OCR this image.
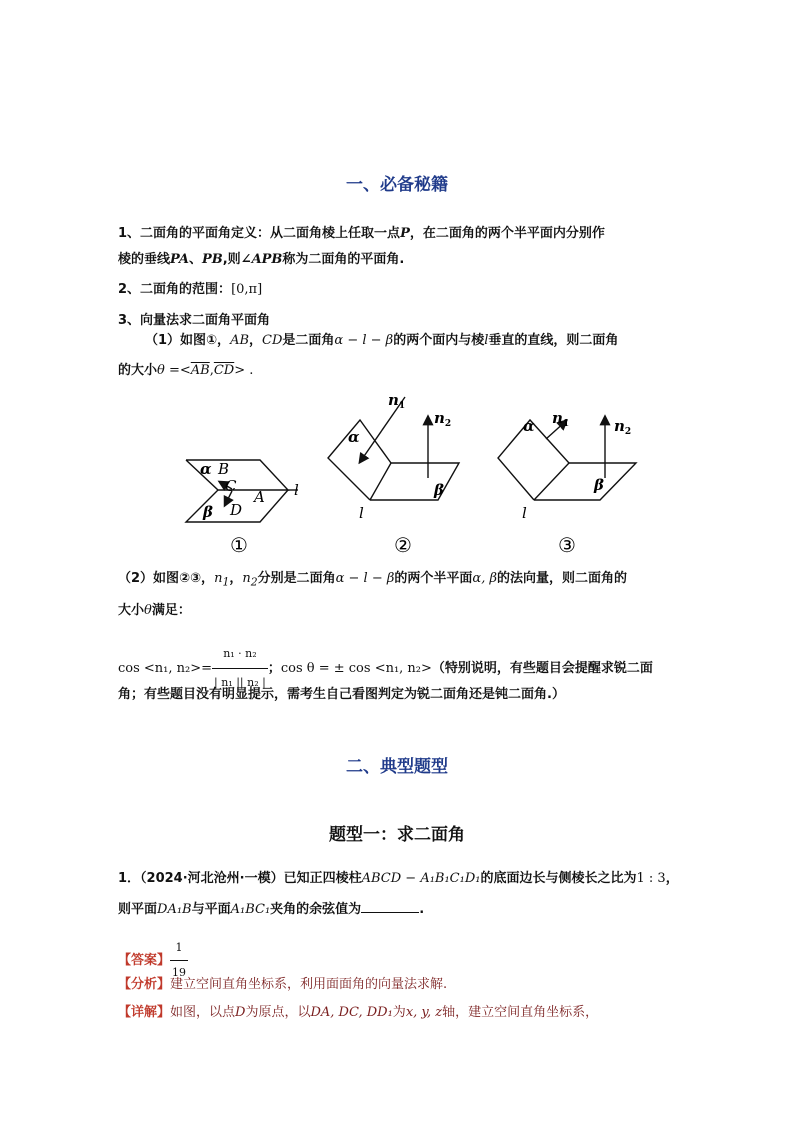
一、必备秘籍
1、二面角的平面角定义：从二面角棱上任取一点P，在二面角的两个半平面内分别作
棱的垂线PA、PB,则∠APB称为二面角的平面角.
2、二面角的范围：[0,π]
3、向量法求二面角平面角
（1）如图①，AB，CD是二面角α − l − β的两个面内与棱l垂直的直线，则二面角
的大小$\theta =<\overline{AB},\overline{CD}>$ .
α B
C
A
β D
l
α
β
$n_1$
$n_2$
l
α
β
$n_1$	$n_2$
l
①	②	③
（2）如图②③，$n_1$，$n_2$分别是二面角α − l − β的两个半平面α, β的法向量，则二面角的
大小θ满足：
cos <n₁, $n_2>= \frac{\text{n₁ · n₂}}{\text{| n₁ || n₂ |}}$ ；cos θ = ± cos <n₁, n₂>（特别说明，有些题目会提醒求锐二面
角；有些题目没有明显提示，需考生自己看图判定为锐二面角还是钝二面角.）
二、典型题型
题型一：求二面角
1．（2024·河北沧州·一模）已知正四棱柱ABCD − A₁B₁C₁D₁的底面边长与侧棱长之比为1 : 3，
则平面DA₁B与平面A₁BC₁夹角的余弦值为	.
【答案】 $\frac{1}{19}$
【分析】建立空间直角坐标系，利用面面角的向量法求解.
【详解】如图，以点D为原点，以DA, DC, DD₁为x, y, z轴，建立空间直角坐标系，
